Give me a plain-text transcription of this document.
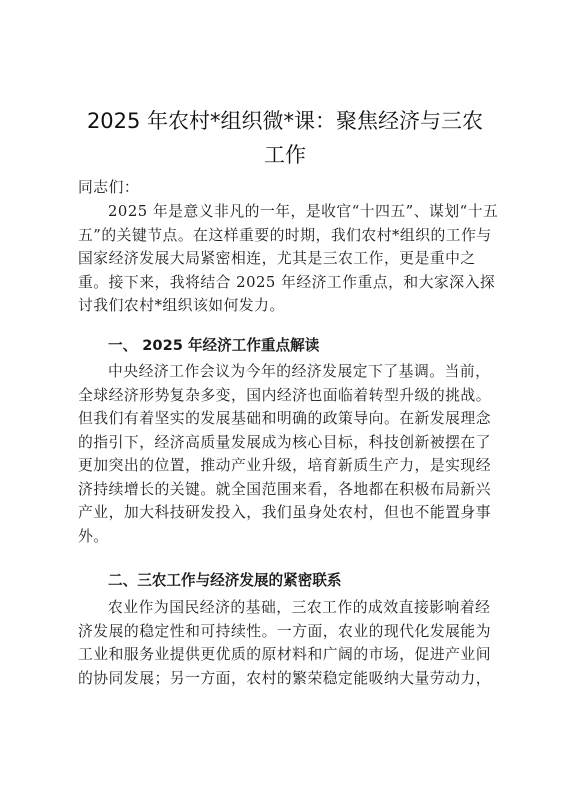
2025 年农村*组织微*课：聚焦经济与三农
工作
同志们：
2025 年是意义非凡的一年，是收官“十四五”、谋划“十五五”的关键节点。在这样重要的时期，我们农村*组织的工作与国家经济发展大局紧密相连，尤其是三农工作，更是重中之重。接下来，我将结合 2025 年经济工作重点，和大家深入探讨我们农村*组织该如何发力。
一、 2025 年经济工作重点解读
中央经济工作会议为今年的经济发展定下了基调。当前，全球经济形势复杂多变，国内经济也面临着转型升级的挑战。但我们有着坚实的发展基础和明确的政策导向。在新发展理念的指引下，经济高质量发展成为核心目标，科技创新被摆在了更加突出的位置，推动产业升级，培育新质生产力，是实现经济持续增长的关键。就全国范围来看，各地都在积极布局新兴产业，加大科技研发投入，我们虽身处农村，但也不能置身事外。
二、三农工作与经济发展的紧密联系
农业作为国民经济的基础，三农工作的成效直接影响着经济发展的稳定性和可持续性。一方面，农业的现代化发展能为工业和服务业提供更优质的原材料和广阔的市场，促进产业间的协同发展；另一方面，农村的繁荣稳定能吸纳大量劳动力，
